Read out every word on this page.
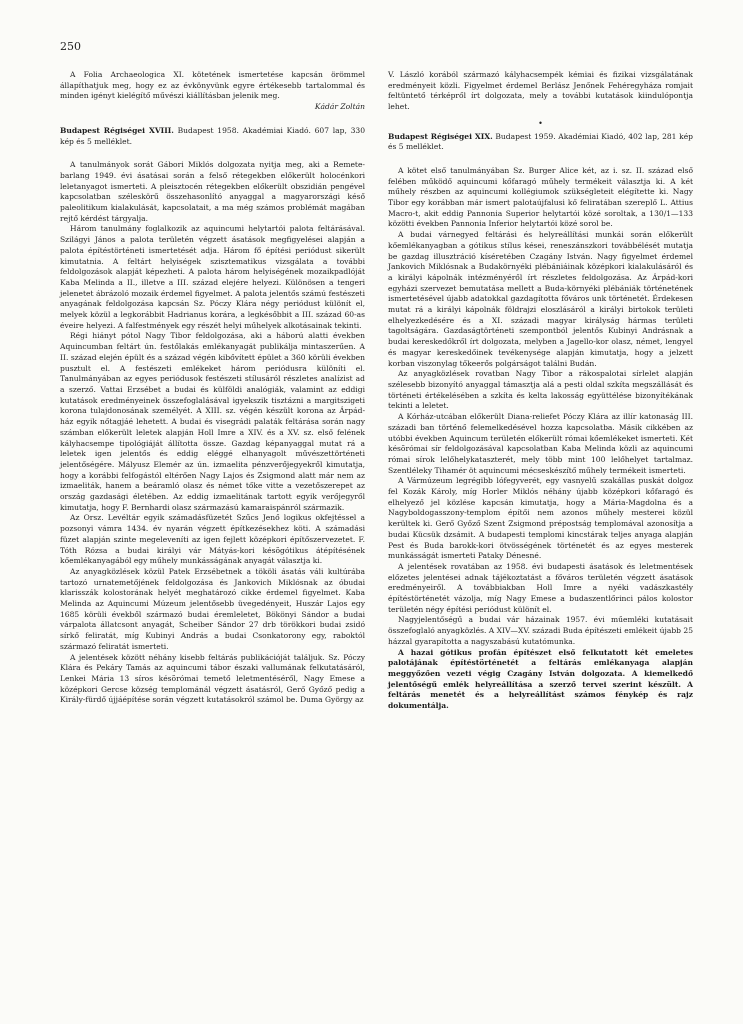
250

A Folia Archaeologica XI. kötetének ismertetése kapcsán örömmel állapíthatjuk meg, hogy ez az évkönyvünk egyre értékesebb tartalommal és minden igényt kielégítő művészi kiállításban jelenik meg.

Kádár Zoltán

Budapest Régiségei XVIII. Budapest 1958. Akadémiai Kiadó. 607 lap, 330 kép és 5 melléklet.

A tanulmányok sorát Gábori Miklós dolgozata nyitja meg, aki a Remete-barlang 1949. évi ásatásai során a felső rétegekben előkerült holocénkori leletanyagot ismerteti. A pleisztocén rétegekben előkerült obszidián pengével kapcsolatban széleskörű összehasonlító anyaggal a magyarországi késő paleolitikum kialakulását, kapcsolatait, a ma még számos problémát magában rejtő kérdést tárgyalja.

Három tanulmány foglalkozik az aquincumi helytartói palota feltárásával. Szilágyi János a palota területén végzett ásatások megfigyelései alapján a palota építéstörténeti ismertetését adja. Három fő építési periódust sikerült kimutatnia. A feltárt helyiségek szisztematikus vizsgálata a további feldolgozások alapját képezheti. A palota három helyiségének mozaikpadlóját Kaba Melinda a II., illetve a III. század elejére helyezi. Különösen a tengeri jelenetet ábrázoló mozaik érdemel figyelmet. A palota jelentős számú festészeti anyagának feldolgozása kapcsán Sz. Póczy Klára négy periódust különít el, melyek közül a legkorábbit Hadrianus korára, a legkésőbbit a III. század 60-as éveire helyezi. A falfestmények egy részét helyi műhelyek alkotásainak tekinti.

Régi hiányt pótol Nagy Tibor feldolgozása, aki a háború alatti években Aquincumban feltárt ún. festőlakás emlékanyagát publikálja mintaszerűen. A II. század elején épült és a század végén kibővített épület a 360 körüli években pusztult el. A festészeti emlékeket három periódusra különíti el. Tanulmányában az egyes periódusok festészeti stílusáról részletes analízist ad a szerző. Vattai Erzsébet a budai és külföldi analógiák, valamint az eddigi kutatások eredményeinek összefoglalásával igyekszik tisztázni a margitszigeti korona tulajdonosának személyét. A XIII. sz. végén készült korona az Árpád-ház egyik nőtagjáé lehetett. A budai és visegrádi palaták feltárása során nagy számban előkerült leletek alapján Holl Imre a XIV. és a XV. sz. első felének kályhacsempe tipológiáját állította össze. Gazdag képanyaggal mutat rá a leletek igen jelentős és eddig eléggé elhanyagolt művészettörténeti jelentőségére. Mályusz Elemér az ún. izmaelita pénzverőjegyekről kimutatja, hogy a korábbi felfogástól eltérően Nagy Lajos és Zsigmond alatt már nem az izmaeliták, hanem a beáramló olasz és német tőke vitte a vezetőszerepet az ország gazdasági életében. Az eddig izmaelitának tartott egyik verőjegyről kimutatja, hogy F. Bernhardi olasz származású kamaraispánról származik.

Az Orsz. Levéltár egyik számadásfüzetét Szűcs Jenő logikus okfejtéssel a pozsonyi vámra 1434. év nyarán végzett építkezésekhez köti. A számadási füzet alapján szinte megeleveníti az igen fejlett középkori építőszervezetet. F. Tóth Rózsa a budai királyi vár Mátyás-kori késõgótikus átépítésének kőemlékanyagából egy műhely munkásságának anyagát választja ki.

Az anyagközlések közül Patek Erzsébetnek a tököli ásatás váli kultúrába tartozó urnatemetőjének feldolgozása és Jankovich Miklósnak az óbudai klarisszák kolostorának helyét meghatározó cikke érdemel figyelmet. Kaba Melinda az Aquincumi Múzeum jelentősebb üvegedényeit, Huszár Lajos egy 1685 körüli évekből származó budai éremleletet, Bökönyi Sándor a budai várpalota állatcsont anyagát, Scheiber Sándor 27 drb törökkori budai zsidó sírkő feliratát, míg Kubinyi András a budai Csonkatorony egy, raboktól származó feliratát ismerteti.

A jelentések között néhány kisebb feltárás publikációját találjuk. Sz. Póczy Klára és Pekáry Tamás az aquincumi tábor északi vallumának felkutatásáról, Lenkei Mária 13 síros késõrómai temető leletmentéséről, Nagy Emese a középkori Gercse község templománál végzett ásatásról, Gerő Győző pedig a Király-fürdő újjáépítése során végzett kutatásokról számol be. Duma György az

V. László korából származó kályhacsempék kémiai és fizikai vizsgálatának eredményeit közli. Figyelmet érdemel Berlász Jenőnek Fehéregyháza romjait feltüntető térképről írt dolgozata, mely a további kutatások kiindulópontja lehet.

•

Budapest Régiségei XIX. Budapest 1959. Akadémiai Kiadó, 402 lap, 281 kép és 5 melléklet.

A kötet első tanulmányában Sz. Burger Alice két, az i. sz. II. század első felében működő aquincumi kőfaragó műhely termékeit választja ki. A két műhely részben az aquincumi kollégiumok szükségleteit elégítette ki. Nagy Tibor egy korábban már ismert palotaújfalusi kő feliratában szereplő L. Attius Macro-t, akit eddig Pannonia Superior helytartói közé soroltak, a 130/1—133 közötti években Pannonia Inferior helytartói közé sorol be.

A budai várnegyed feltárási és helyreállítási munkái során előkerült kőemlékanyagban a gótikus stílus kései, reneszánszkori továbbélését mutatja be gazdag illusztráció kíséretében Czagány István. Nagy figyelmet érdemel Jankovich Miklósnak a Budakörnyéki plébániáinak középkori kialakulásáról és a királyi kápolnák intézményéről írt részletes feldolgozása. Az Árpád-kori egyházi szervezet bemutatása mellett a Buda-környéki plébániák történetének ismertetésével újabb adatokkal gazdagította főváros unk történetét. Érdekesen mutat rá a királyi kápolnák földrajzi eloszlásáról a királyi birtokok területi elhelyezkedésére és a XI. századi magyar királyság hármas területi tagoltságára. Gazdaságtörténeti szempontból jelentős Kubinyi Andrásnak a budai kereskedőkről írt dolgozata, melyben a Jagello-kor olasz, német, lengyel és magyar kereskedőinek tevékenysége alapján kimutatja, hogy a jelzett korban viszonylag tőkeerős polgárságot találni Budán.

Az anyagközlések rovatban Nagy Tibor a rákospalotai sírlelet alapján szélesebb bizonyító anyaggal támasztja alá a pesti oldal szkíta megszállását és történeti értékelésében a szkíta és kelta lakosság együttélése bizonyítékának tekinti a leletet.

A Kórház-utcában előkerült Diana-reliefet Póczy Klára az illír katonaság III. századi ban történő felemelkedésével hozza kapcsolatba. Másik cikkében az utóbbi években Aquincum területén előkerült római kőemlékeket ismerteti. Két késõrómai sír feldolgozásával kapcsolatban Kaba Melinda közli az aquincumi római sírok lelőhelykataszterét, mely több mint 100 lelőhelyet tartalmaz. Szentléleky Tihamér öt aquincumi mécseskészítő műhely termékeit ismerteti.

A Vármúzeum legrégibb lófegyverét, egy vasnyelű szakállas puskát dolgoz fel Kozák Károly, míg Horler Miklós néhány újabb középkori kőfaragó és elhelyező jel közlése kapcsán kimutatja, hogy a Mária-Magdolna és a Nagyboldogasszony-templom építői nem azonos műhely mesterei közül kerültek ki. Gerő Győző Szent Zsigmond prépostság templomával azonosítja a budai Kücsük dzsámit. A budapesti templomi kincstárak teljes anyaga alapján Pest és Buda barokk-kori ötvösségének történetét és az egyes mesterek munkásságát ismerteti Pataky Dénesné.

A jelentések rovatában az 1958. évi budapesti ásatások és leletmentések előzetes jelentései adnak tájékoztatást a főváros területén végzett ásatások eredményeiről. A továbbiakban Holl Imre a nyéki vadászkastély építéstörténetét vázolja, míg Nagy Emese a budaszentlőrinci pálos kolostor területén négy építési periódust különít el.

Nagyjelentőségű a budai vár házainak 1957. évi műemléki kutatásait összefoglaló anyagközlés. A XIV—XV. századi Buda építészeti emlékeit újabb 25 házzal gyarapította a nagyszabású kutatómunka.

A hazai gótikus profán építészet első felkutatott két emeletes palotájának építéstörténetét a feltárás emlékanyaga alapján meggyőzően vezeti végig Czagány István dolgozata. A kiemelkedő jelentőségű emlék helyreállítása a szerző tervei szerint készült. A feltárás menetét és a helyreállítást számos fénykép és rajz dokumentálja.
